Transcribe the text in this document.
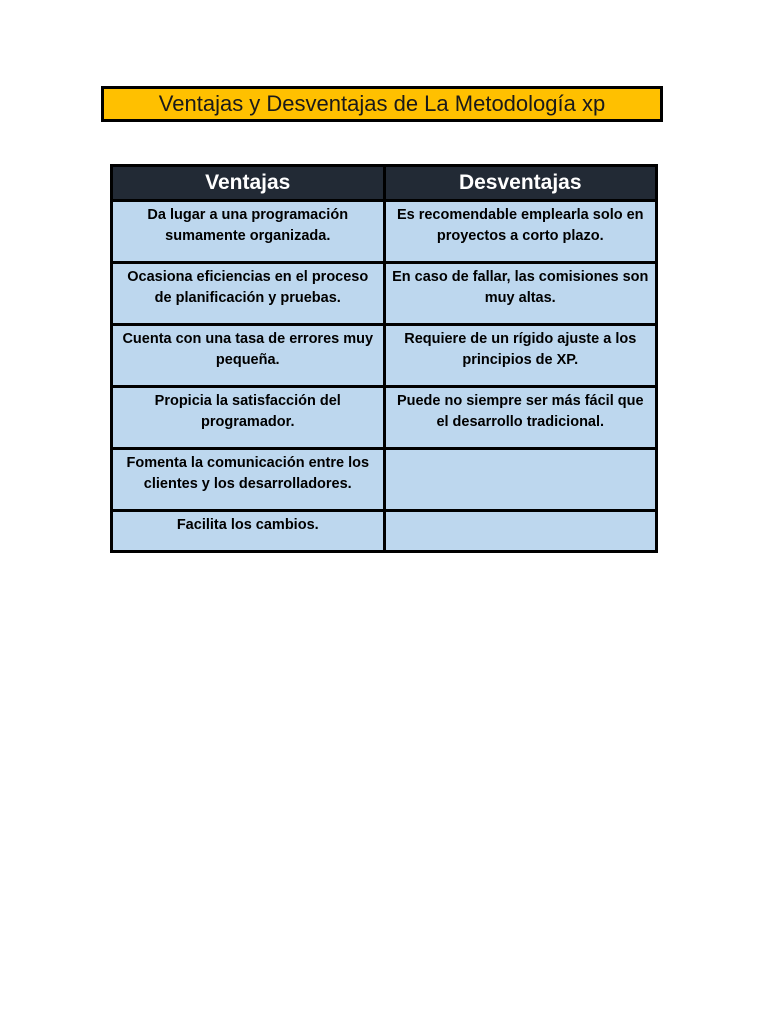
Ventajas y Desventajas de La Metodología xp
Ventajas	Desventajas
Da lugar a una programación sumamente organizada.	Es recomendable emplearla solo en proyectos a corto plazo.
Ocasiona eficiencias en el proceso de planificación y pruebas.	En caso de fallar, las comisiones son muy altas.
Cuenta con una tasa de errores muy pequeña.	Requiere de un rígido ajuste a los principios de XP.
Propicia la satisfacción del programador.	Puede no siempre ser más fácil que el desarrollo tradicional.
Fomenta la comunicación entre los clientes y los desarrolladores.	
Facilita los cambios.	
